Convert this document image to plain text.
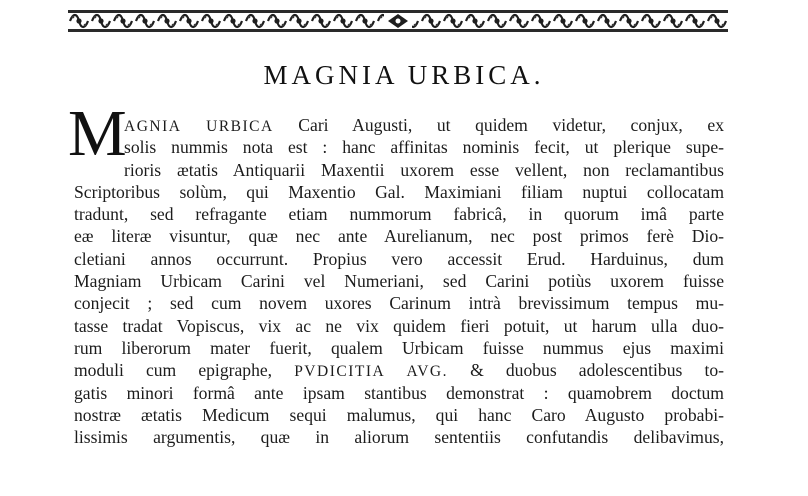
MAGNIA URBICA.
M
AGNIA URBICA Cari Augusti, ut quidem videtur, conjux, ex
solis nummis nota est : hanc affinitas nominis fecit, ut plerique supe-
rioris ætatis Antiquarii Maxentii uxorem esse vellent, non reclamantibus
Scriptoribus solùm, qui Maxentio Gal. Maximiani filiam nuptui collocatam
tradunt, sed refragante etiam nummorum fabricâ, in quorum imâ parte
eæ literæ visuntur, quæ nec ante Aurelianum, nec post primos ferè Dio-
cletiani annos occurrunt. Propius vero accessit Erud. Harduinus, dum
Magniam Urbicam Carini vel Numeriani, sed Carini potiùs uxorem fuisse
conjecit ; sed cum novem uxores Carinum intrà brevissimum tempus mu-
tasse tradat Vopiscus, vix ac ne vix quidem fieri potuit, ut harum ulla duo-
rum liberorum mater fuerit, qualem Urbicam fuisse nummus ejus maximi
moduli cum epigraphe, PVDICITIA AVG. & duobus adolescentibus to-
gatis minori formâ ante ipsam stantibus demonstrat : quamobrem doctum
nostræ ætatis Medicum sequi malumus, qui hanc Caro Augusto probabi-
lissimis argumentis, quæ in aliorum sententiis confutandis delibavimus,
